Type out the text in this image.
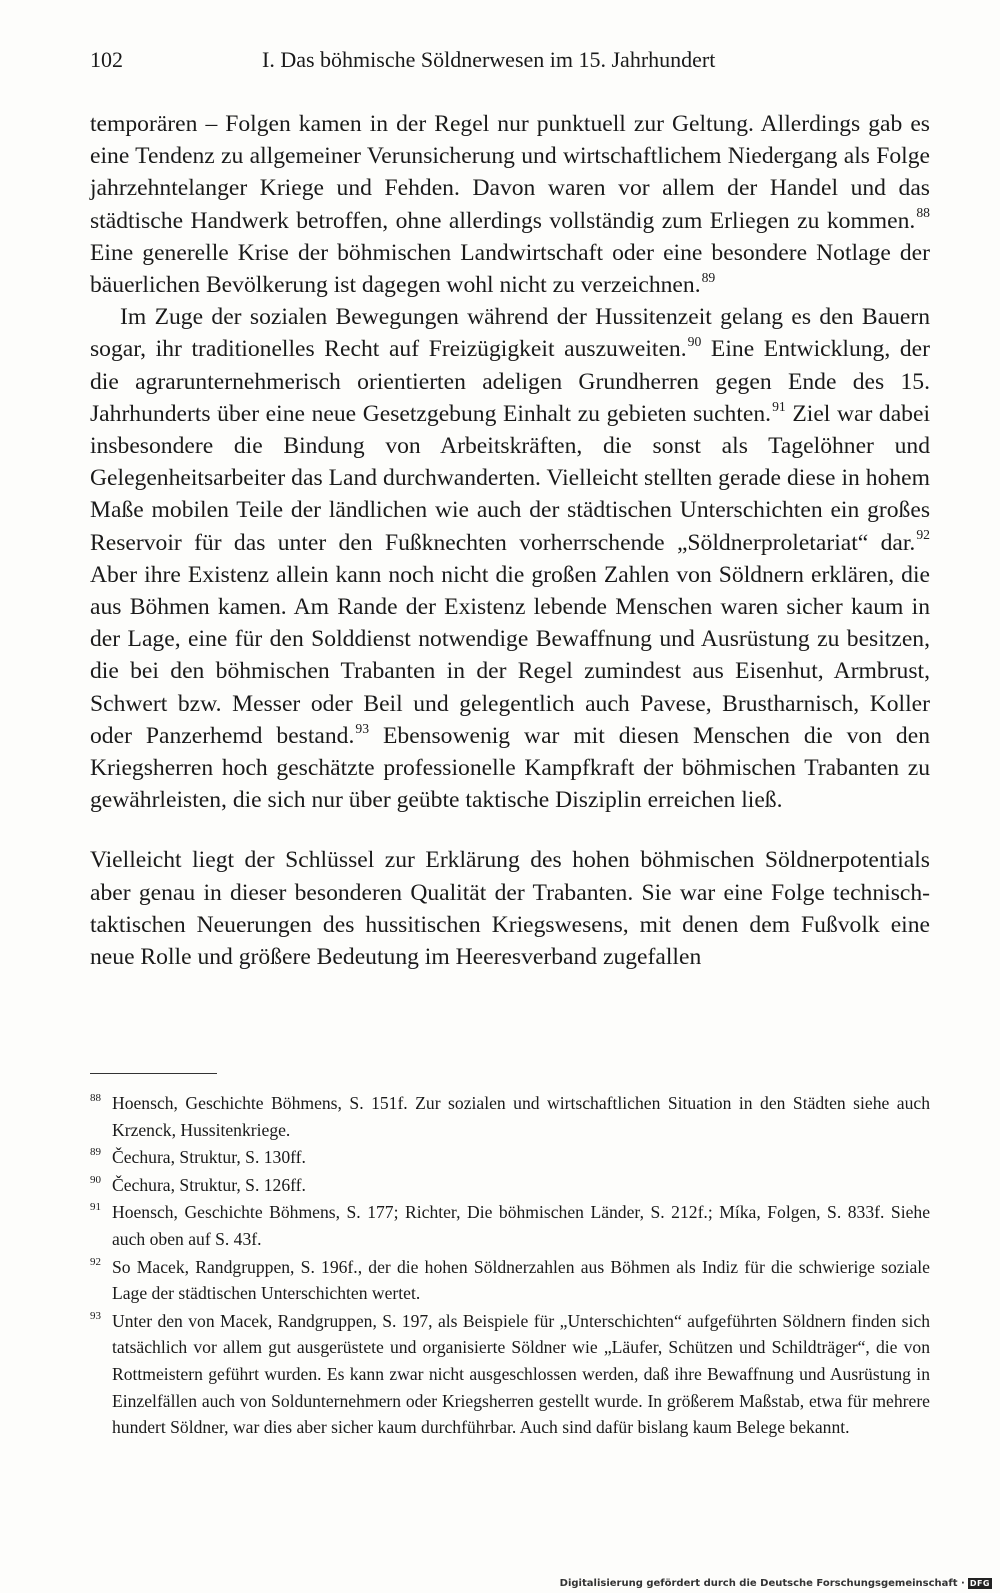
102	I. Das böhmische Söldnerwesen im 15. Jahrhundert

temporären – Folgen kamen in der Regel nur punktuell zur Geltung. Allerdings gab es eine Tendenz zu allgemeiner Verunsicherung und wirtschaftlichem Niedergang als Folge jahrzehntelanger Kriege und Fehden. Davon waren vor allem der Handel und das städtische Handwerk betroffen, ohne allerdings vollständig zum Erliegen zu kommen.$^{88}$ Eine generelle Krise der böhmischen Landwirtschaft oder eine besondere Notlage der bäuerlichen Bevölkerung ist dagegen wohl nicht zu verzeichnen.$^{89}$

Im Zuge der sozialen Bewegungen während der Hussitenzeit gelang es den Bauern sogar, ihr traditionelles Recht auf Freizügigkeit auszuweiten.$^{90}$ Eine Entwicklung, der die agrarunternehmerisch orientierten adeligen Grundherren gegen Ende des 15. Jahrhunderts über eine neue Gesetzgebung Einhalt zu gebieten suchten.$^{91}$ Ziel war dabei insbesondere die Bindung von Arbeitskräften, die sonst als Tagelöhner und Gelegenheitsarbeiter das Land durchwanderten. Vielleicht stellten gerade diese in hohem Maße mobilen Teile der ländlichen wie auch der städtischen Unterschichten ein großes Reservoir für das unter den Fußknechten vorherrschende „Söldnerproletariat“ dar.$^{92}$ Aber ihre Existenz allein kann noch nicht die großen Zahlen von Söldnern erklären, die aus Böhmen kamen. Am Rande der Existenz lebende Menschen waren sicher kaum in der Lage, eine für den Solddienst notwendige Bewaffnung und Ausrüstung zu besitzen, die bei den böhmischen Trabanten in der Regel zumindest aus Eisenhut, Armbrust, Schwert bzw. Messer oder Beil und gelegentlich auch Pavese, Brustharnisch, Koller oder Panzerhemd bestand.$^{93}$ Ebensowenig war mit diesen Menschen die von den Kriegsherren hoch geschätzte professionelle Kampfkraft der böhmischen Trabanten zu gewährleisten, die sich nur über geübte taktische Disziplin erreichen ließ.

Vielleicht liegt der Schlüssel zur Erklärung des hohen böhmischen Söldnerpotentials aber genau in dieser besonderen Qualität der Trabanten. Sie war eine Folge technisch-taktischen Neuerungen des hussitischen Kriegswesens, mit denen dem Fußvolk eine neue Rolle und größere Bedeutung im Heeresverband zugefallen

88 Hoensch, Geschichte Böhmens, S. 151f. Zur sozialen und wirtschaftlichen Situation in den Städten siehe auch Krzenck, Hussitenkriege.
89 Čechura, Struktur, S. 130ff.
90 Čechura, Struktur, S. 126ff.
91 Hoensch, Geschichte Böhmens, S. 177; Richter, Die böhmischen Länder, S. 212f.; Míka, Folgen, S. 833f. Siehe auch oben auf S. 43f.
92 So Macek, Randgruppen, S. 196f., der die hohen Söldnerzahlen aus Böhmen als Indiz für die schwierige soziale Lage der städtischen Unterschichten wertet.
93 Unter den von Macek, Randgruppen, S. 197, als Beispiele für „Unterschichten“ aufgeführten Söldnern finden sich tatsächlich vor allem gut ausgerüstete und organisierte Söldner wie „Läufer, Schützen und Schildträger“, die von Rottmeistern geführt wurden. Es kann zwar nicht ausgeschlossen werden, daß ihre Bewaffnung und Ausrüstung in Einzelfällen auch von Soldunternehmern oder Kriegsherren gestellt wurde. In größerem Maßstab, etwa für mehrere hundert Söldner, war dies aber sicher kaum durchführbar. Auch sind dafür bislang kaum Belege bekannt.
Digitalisierung gefördert durch die Deutsche Forschungsgemeinschaft · DFG
